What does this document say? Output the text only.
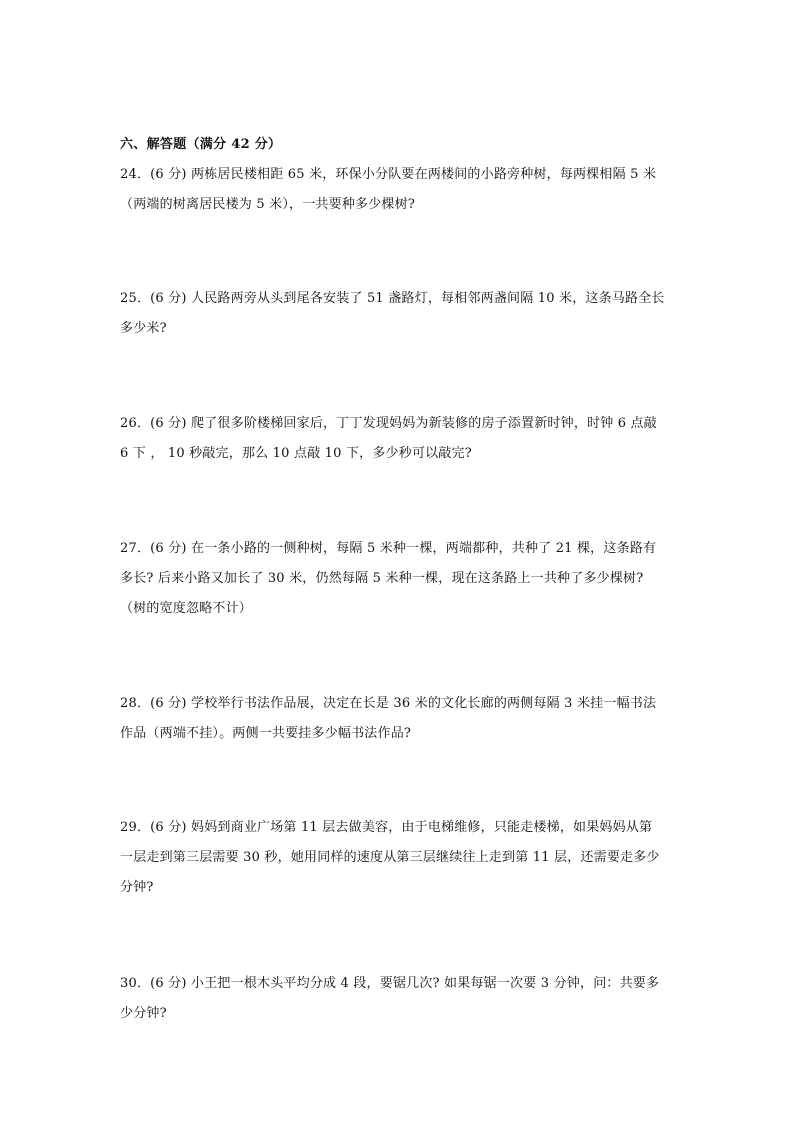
六、解答题（满分 42 分）
24．(6 分) 两栋居民楼相距 65 米，环保小分队要在两楼间的小路旁种树，每两棵相隔 5 米
（两端的树离居民楼为 5 米），一共要种多少棵树?
25．(6 分) 人民路两旁从头到尾各安装了 51 盏路灯，每相邻两盏间隔 10 米，这条马路全长
多少米?
26．(6 分) 爬了很多阶楼梯回家后，丁丁发现妈妈为新装修的房子添置新时钟，时钟 6 点敲
6 下 ， 10 秒敲完，那么 10 点敲 10 下，多少秒可以敲完?
27．(6 分) 在一条小路的一侧种树，每隔 5 米种一棵，两端都种，共种了 21 棵，这条路有
多长? 后来小路又加长了 30 米，仍然每隔 5 米种一棵，现在这条路上一共种了多少棵树?
（树的宽度忽略不计）
28．(6 分) 学校举行书法作品展，决定在长是 36 米的文化长廊的两侧每隔 3 米挂一幅书法
作品（两端不挂）。两侧一共要挂多少幅书法作品?
29．(6 分) 妈妈到商业广场第 11 层去做美容，由于电梯维修，只能走楼梯，如果妈妈从第
一层走到第三层需要 30 秒，她用同样的速度从第三层继续往上走到第 11 层，还需要走多少
分钟?
30．(6 分) 小王把一根木头平均分成 4 段，要锯几次? 如果每锯一次要 3 分钟，问：共要多
少分钟?
